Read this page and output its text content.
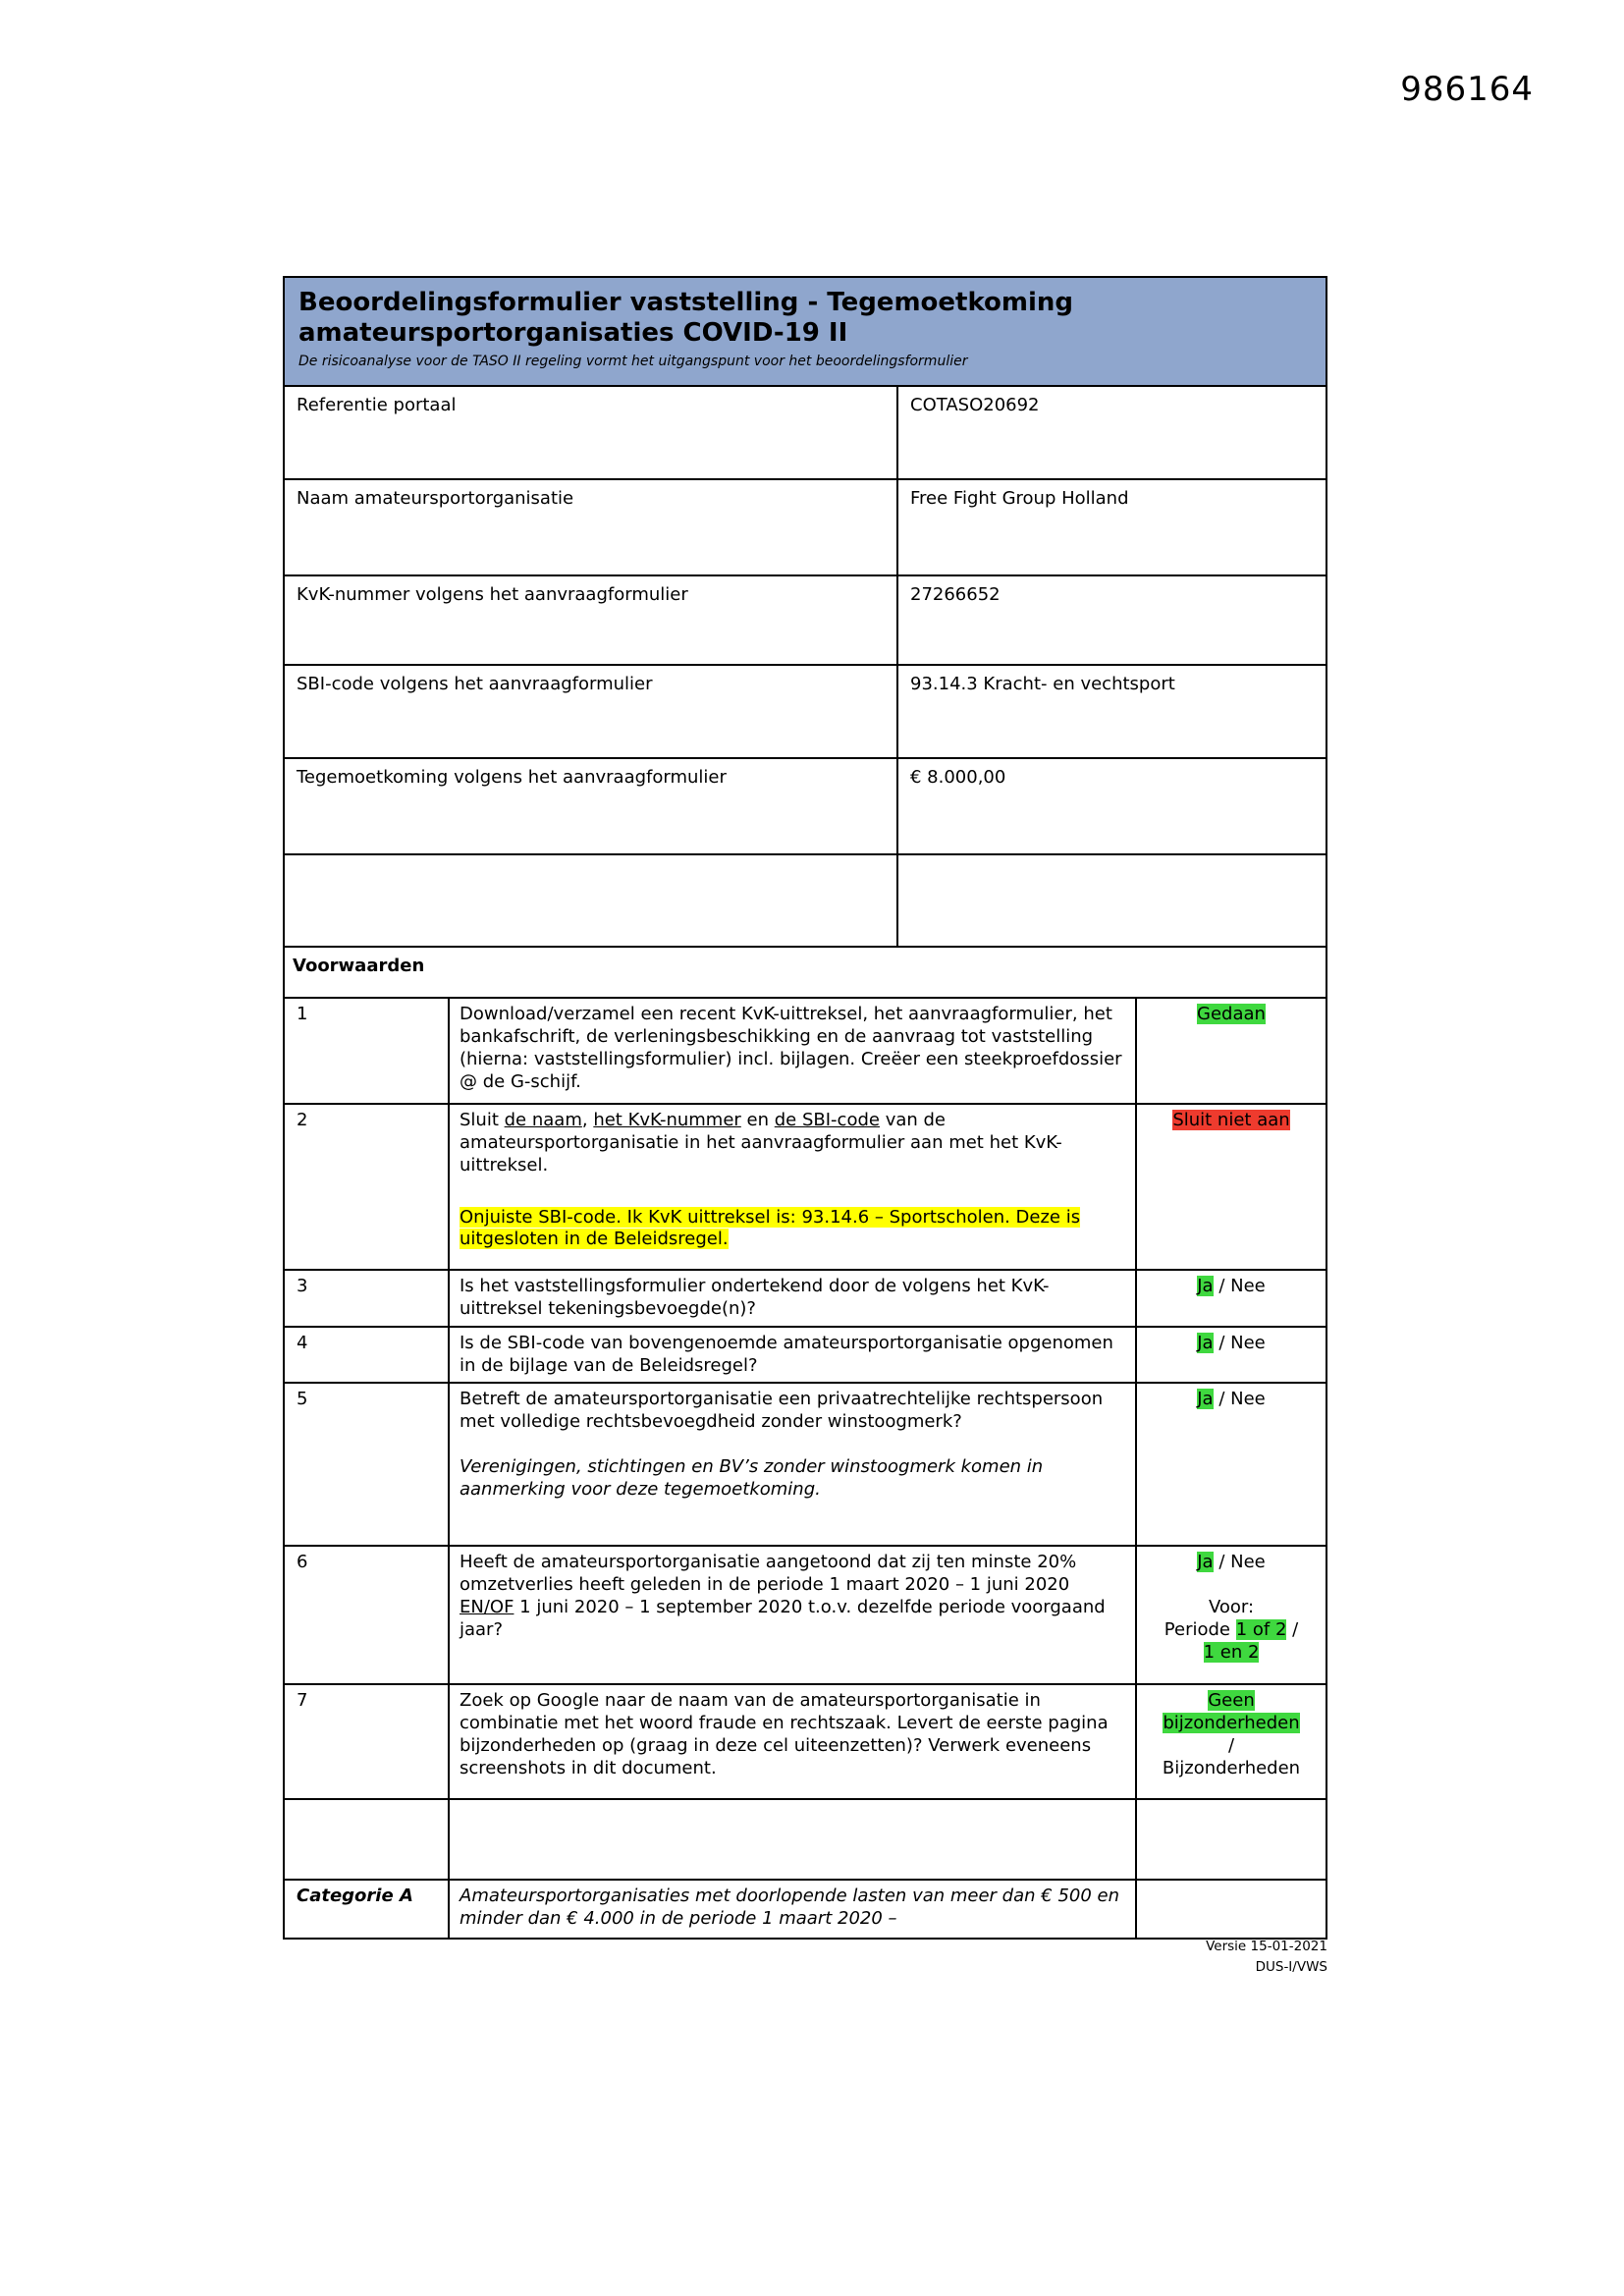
986164
Beoordelingsformulier vaststelling - Tegemoetkoming
amateursportorganisaties COVID-19 II
De risicoanalyse voor de TASO II regeling vormt het uitgangspunt voor het beoordelingsformulier
Referentie portaal	COTASO20692
Naam amateursportorganisatie	Free Fight Group Holland
KvK-nummer volgens het aanvraagformulier	27266652
SBI-code volgens het aanvraagformulier	93.14.3 Kracht- en vechtsport
Tegemoetkoming volgens het aanvraagformulier	€ 8.000,00
Voorwaarden
1	Download/verzamel een recent KvK-uittreksel, het aanvraagformulier, het bankafschrift, de verleningsbeschikking en de aanvraag tot vaststelling (hierna: vaststellingsformulier) incl. bijlagen. Creëer een steekproefdossier @ de G-schijf.
Gedaan
2	Sluit de naam, het KvK-nummer en de SBI-code van de amateursportorganisatie in het aanvraagformulier aan met het KvK-uittreksel.

Onjuiste SBI-code. Ik KvK uittreksel is: 93.14.6 – Sportscholen. Deze is uitgesloten in de Beleidsregel.

Sluit niet aan
3	Is het vaststellingsformulier ondertekend door de volgens het KvK-uittreksel tekeningsbevoegde(n)?
Ja / Nee
4	Is de SBI-code van bovengenoemde amateursportorganisatie opgenomen in de bijlage van de Beleidsregel?
Ja / Nee
5	Betreft de amateursportorganisatie een privaatrechtelijke rechtspersoon met volledige rechtsbevoegdheid zonder winstoogmerk?

Verenigingen, stichtingen en BV’s zonder winstoogmerk komen in aanmerking voor deze tegemoetkoming.

Ja / Nee
6	Heeft de amateursportorganisatie aangetoond dat zij ten minste 20% omzetverlies heeft geleden in de periode 1 maart 2020 – 1 juni 2020 EN/OF 1 juni 2020 – 1 september 2020 t.o.v. dezelfde periode voorgaand jaar?

Ja / Nee
Voor:
Periode 1 of 2 /
1 en 2
7	Zoek op Google naar de naam van de amateursportorganisatie in combinatie met het woord fraude en rechtszaak. Levert de eerste pagina bijzonderheden op (graag in deze cel uiteenzetten)? Verwerk eveneens screenshots in dit document.
Geen
bijzonderheden
/
Bijzonderheden
Categorie A	Amateursportorganisaties met doorlopende lasten van meer dan € 500 en minder dan € 4.000 in de periode 1 maart 2020 –
Versie 15-01-2021
DUS-I/VWS
